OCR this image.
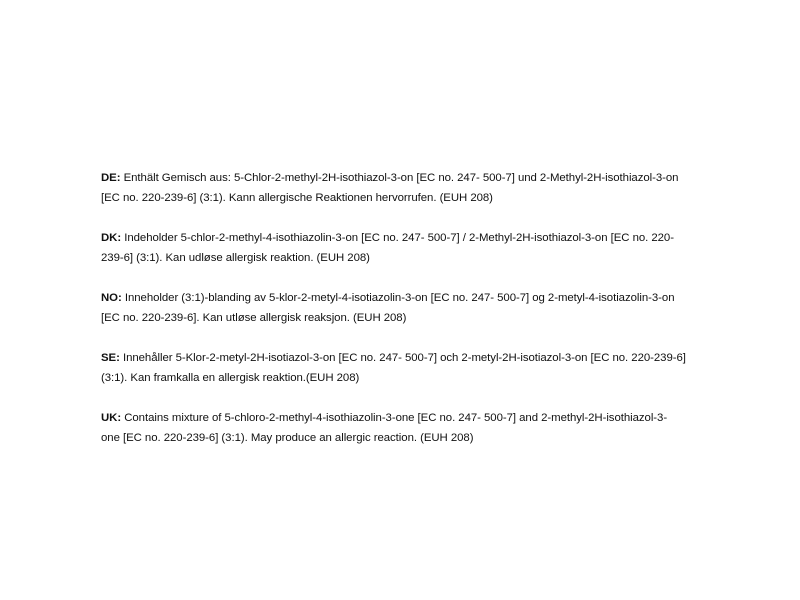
DE: Enthält Gemisch aus: 5-Chlor-2-methyl-2H-isothiazol-3-on [EC no. 247- 500-7] und 2-Methyl-2H-isothiazol-3-on
[EC no. 220-239-6] (3:1). Kann allergische Reaktionen hervorrufen. (EUH 208)

DK: Indeholder 5-chlor-2-methyl-4-isothiazolin-3-on [EC no. 247- 500-7] / 2-Methyl-2H-isothiazol-3-on [EC no. 220-
239-6] (3:1). Kan udløse allergisk reaktion. (EUH 208)

NO: Inneholder (3:1)-blanding av 5-klor-2-metyl-4-isotiazolin-3-on [EC no. 247- 500-7] og 2-metyl-4-isotiazolin-3-on
[EC no. 220-239-6]. Kan utløse allergisk reaksjon. (EUH 208)

SE: Innehåller 5-Klor-2-metyl-2H-isotiazol-3-on [EC no. 247- 500-7] och 2-metyl-2H-isotiazol-3-on [EC no. 220-239-6]
(3:1). Kan framkalla en allergisk reaktion.(EUH 208)

UK: Contains mixture of 5-chloro-2-methyl-4-isothiazolin-3-one [EC no. 247- 500-7] and 2-methyl-2H-isothiazol-3-
one [EC no. 220-239-6] (3:1). May produce an allergic reaction. (EUH 208)
